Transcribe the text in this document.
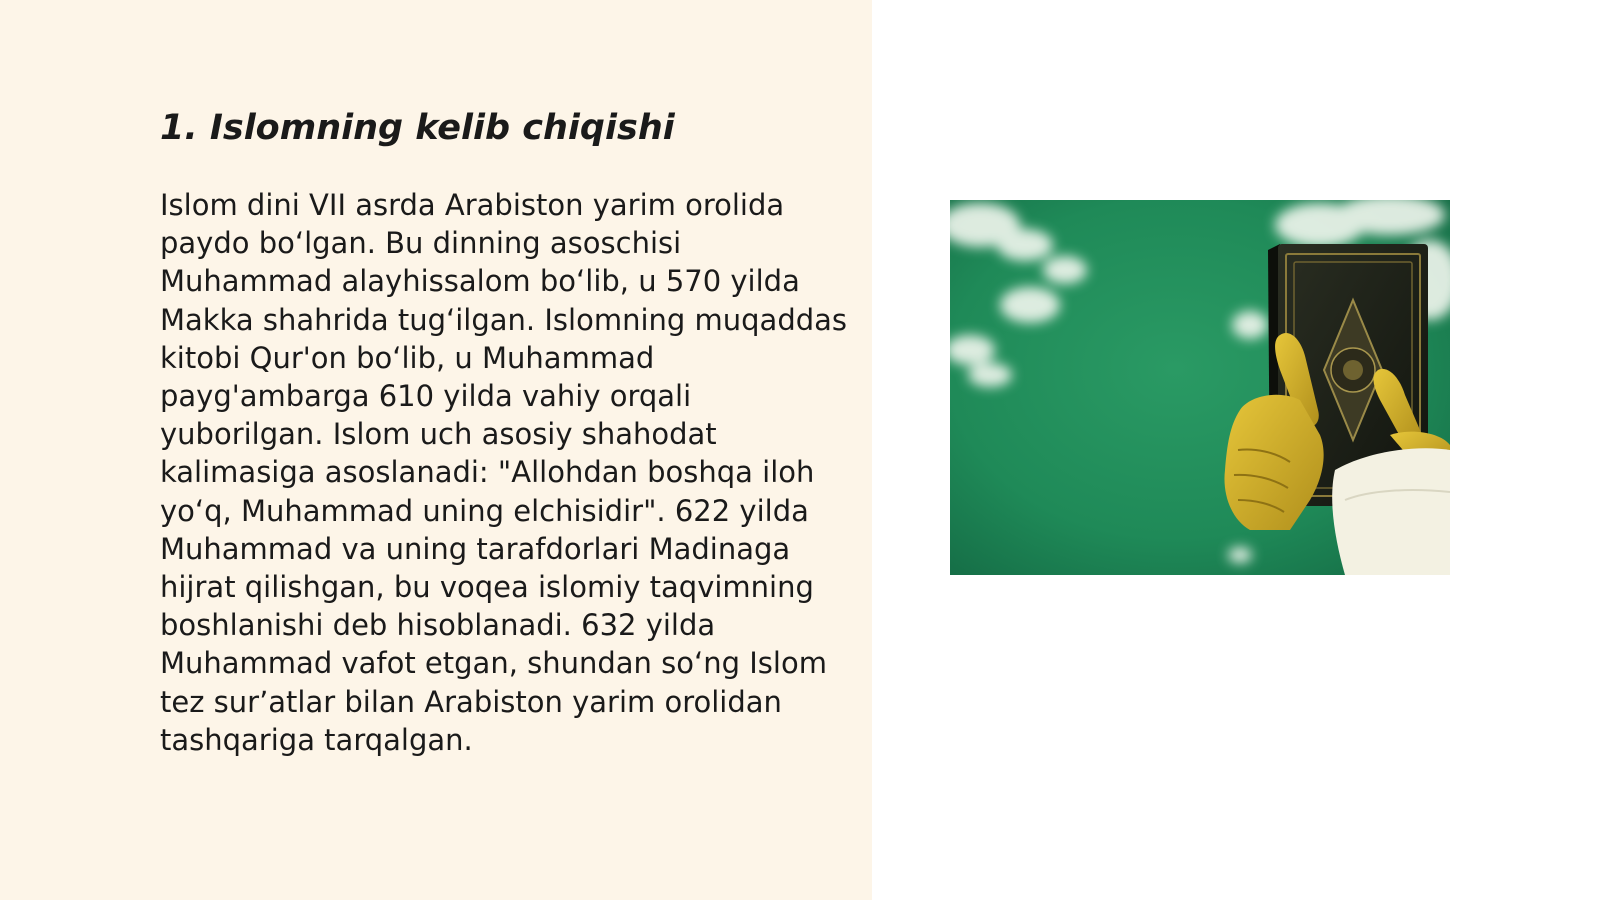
1. Islomning kelib chiqishi

Islom dini VII asrda Arabiston yarim orolida paydo bo‘lgan. Bu dinning asoschisi Muhammad alayhissalom bo‘lib, u 570 yilda Makka shahrida tug‘ilgan. Islomning muqaddas kitobi Qur'on bo‘lib, u Muhammad payg'ambarga 610 yilda vahiy orqali yuborilgan. Islom uch asosiy shahodat kalimasiga asoslanadi: "Allohdan boshqa iloh yo‘q, Muhammad uning elchisidir". 622 yilda Muhammad va uning tarafdorlari Madinaga hijrat qilishgan, bu voqea islomiy taqvimning boshlanishi deb hisoblanadi. 632 yilda Muhammad vafot etgan, shundan so‘ng Islom tez sur’atlar bilan Arabiston yarim orolidan tashqariga tarqalgan.
